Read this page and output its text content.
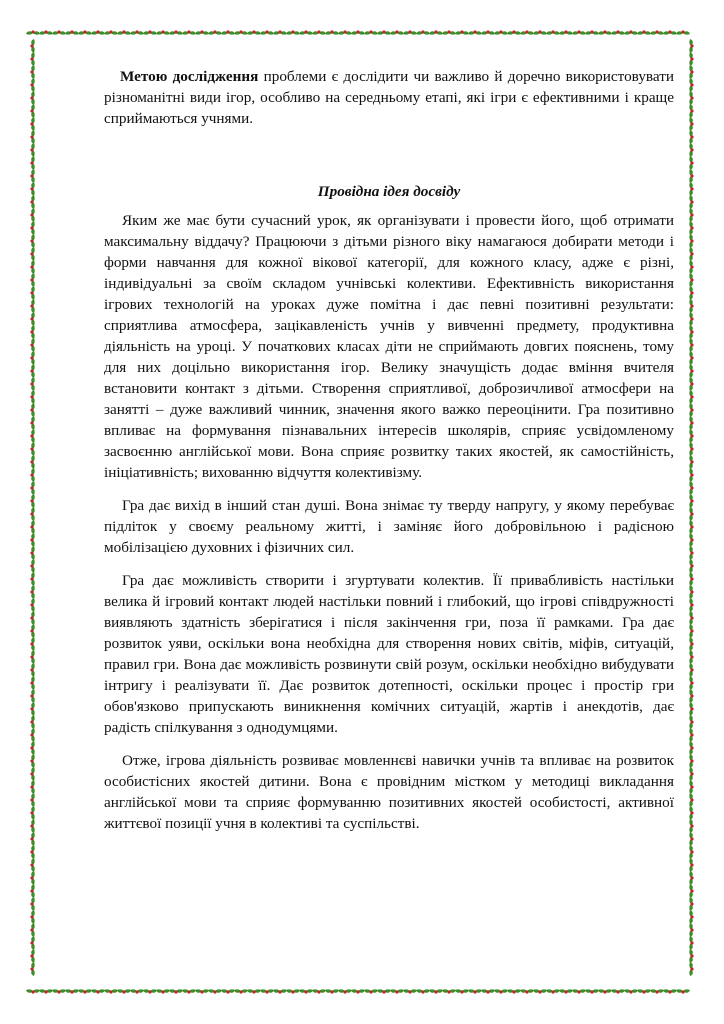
Метою дослідження проблеми є дослідити чи важливо й доречно використовувати різноманітні види ігор, особливо на середньому етапі, які ігри є ефективними і краще сприймаються учнями.

Провідна ідея досвіду

Яким же має бути сучасний урок, як організувати і провести його, щоб отримати максимальну віддачу? Працюючи з дітьми різного віку намагаюся добирати методи і форми навчання для кожної вікової категорії, для кожного класу, адже є різні, індивідуальні за своїм складом учнівські колективи. Ефективність використання ігрових технологій на уроках дуже помітна і дає певні позитивні результати: сприятлива атмосфера, зацікавленість учнів у вивченні предмету, продуктивна діяльність на уроці. У початкових класах діти не сприймають довгих пояснень, тому для них доцільно використання ігор. Велику значущість додає вміння вчителя встановити контакт з дітьми. Створення сприятливої, доброзичливої атмосфери на занятті – дуже важливий чинник, значення якого важко переоцінити. Гра позитивно впливає на формування пізнавальних інтересів школярів, сприяє усвідомленому засвоєнню англійської мови. Вона сприяє розвитку таких якостей, як самостійність, ініціативність; вихованню відчуття колективізму.

Гра дає вихід в інший стан душі. Вона знімає ту тверду напругу, у якому перебуває підліток у своєму реальному житті, і заміняє його добровільною і радісною мобілізацією духовних і фізичних сил.

Гра дає можливість створити і згуртувати колектив. Її привабливість настільки велика й ігровий контакт людей настільки повний і глибокий, що ігрові співдружності виявляють здатність зберігатися і після закінчення гри, поза її рамками. Гра дає розвиток уяви, оскільки вона необхідна для створення нових світів, міфів, ситуацій, правил гри. Вона дає можливість розвинути свій розум, оскільки необхідно вибудувати інтригу і реалізувати її. Дає розвиток дотепності, оскільки процес і простір гри обов'язково припускають виникнення комічних ситуацій, жартів і анекдотів, дає радість спілкування з однодумцями.

Отже, ігрова діяльність розвиває мовленнєві навички учнів та впливає на розвиток особистісних якостей дитини. Вона є провідним містком у методиці викладання англійської мови та сприяє формуванню позитивних якостей особистості, активної життєвої позиції учня в колективі та суспільстві.
